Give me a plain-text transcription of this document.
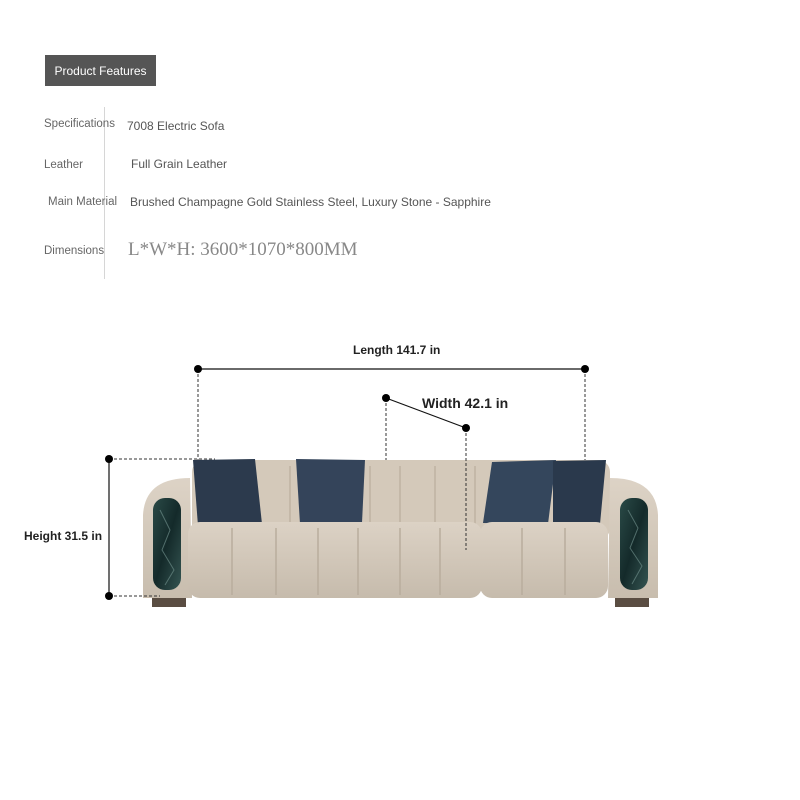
Product Features
Specifications 7008 Electric Sofa
Leather	Full Grain Leather
Main Material Brushed Champagne Gold Stainless Steel, Luxury Stone - Sapphire
Dimensions L*W*H: 3600*1070*800MM
Length 141.7 in
Width 42.1 in
Height 31.5 in
